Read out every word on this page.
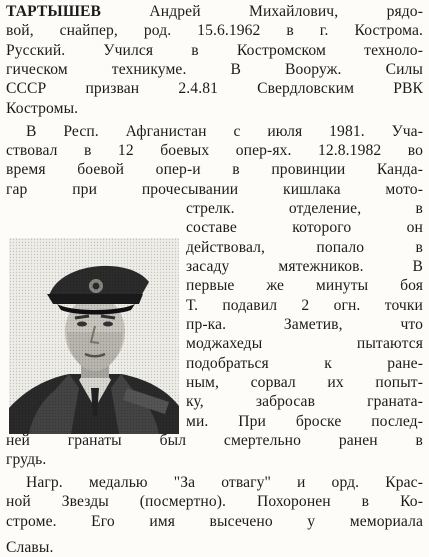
ТАРТЫШЕВ Андрей Михайлович, рядо-
вой, снайпер, род. 15.6.1962 в г. Кострома.
Русский. Учился в Костромском техноло-
гическом техникуме. В Вооруж. Силы
СССР призван 2.4.81 Свердловским РВК
Костромы.
В Респ. Афганистан с июля 1981. Уча-
ствовал в 12 боевых опер-ях. 12.8.1982 во
время боевой опер-и в провинции Кандa-
гар при прочесывании кишлака мото-
стрелк. отделение, в
составе которого он
действовал, попало в
засаду мятежников. В
первые же минуты боя
Т. подавил 2 огн. точки
пр-ка. Заметив, что
моджахеды пытаются
подобраться к ране-
ным, сорвал их попыт-
ку, забросав граната-
ми. При броске послед-
ней гранаты был смертельно ранен в
грудь.
Нагр. медалью "За отвагу" и орд. Крас-
ной Звезды (посмертно). Похоронен в Ко-
строме. Его имя высечено у мемориала
Славы.
